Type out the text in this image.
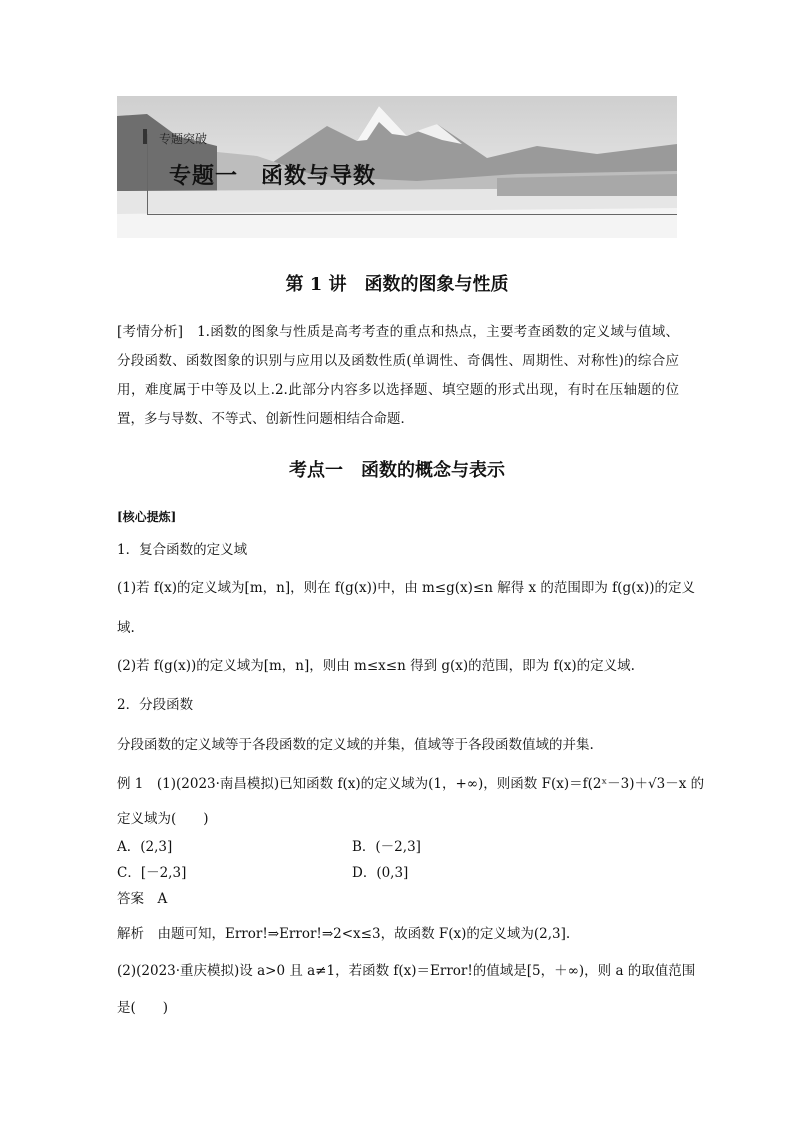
专题突破
专题一　函数与导数
第 1 讲　函数的图象与性质
[考情分析]　1.函数的图象与性质是高考考查的重点和热点，主要考查函数的定义域与值域、分段函数、函数图象的识别与应用以及函数性质(单调性、奇偶性、周期性、对称性)的综合应用，难度属于中等及以上.2.此部分内容多以选择题、填空题的形式出现，有时在压轴题的位置，多与导数、不等式、创新性问题相结合命题．
考点一　函数的概念与表示
[核心提炼]
1．复合函数的定义域
(1)若 f(x)的定义域为[m，n]，则在 f(g(x))中，由 m≤g(x)≤n 解得 x 的范围即为 f(g(x))的定义
域.
(2)若 f(g(x))的定义域为[m，n]，则由 m≤x≤n 得到 g(x)的范围，即为 f(x)的定义域.
2．分段函数
分段函数的定义域等于各段函数的定义域的并集，值域等于各段函数值域的并集.
例 1　(1)(2023·南昌模拟)已知函数 f(x)的定义域为(1，+∞)，则函数 F(x)＝f(2ˣ－3)＋√3－x 的
定义域为(　　)
A．(2,3]	B．(－2,3]
C．[－2,3]	D．(0,3]
答案　A
解析　由题可知，Error!⇒Error!⇒2<x≤3，故函数 F(x)的定义域为(2,3].
(2)(2023·重庆模拟)设 a>0 且 a≠1，若函数 f(x)＝Error!的值域是[5，＋∞)，则 a 的取值范围
是(　　)
